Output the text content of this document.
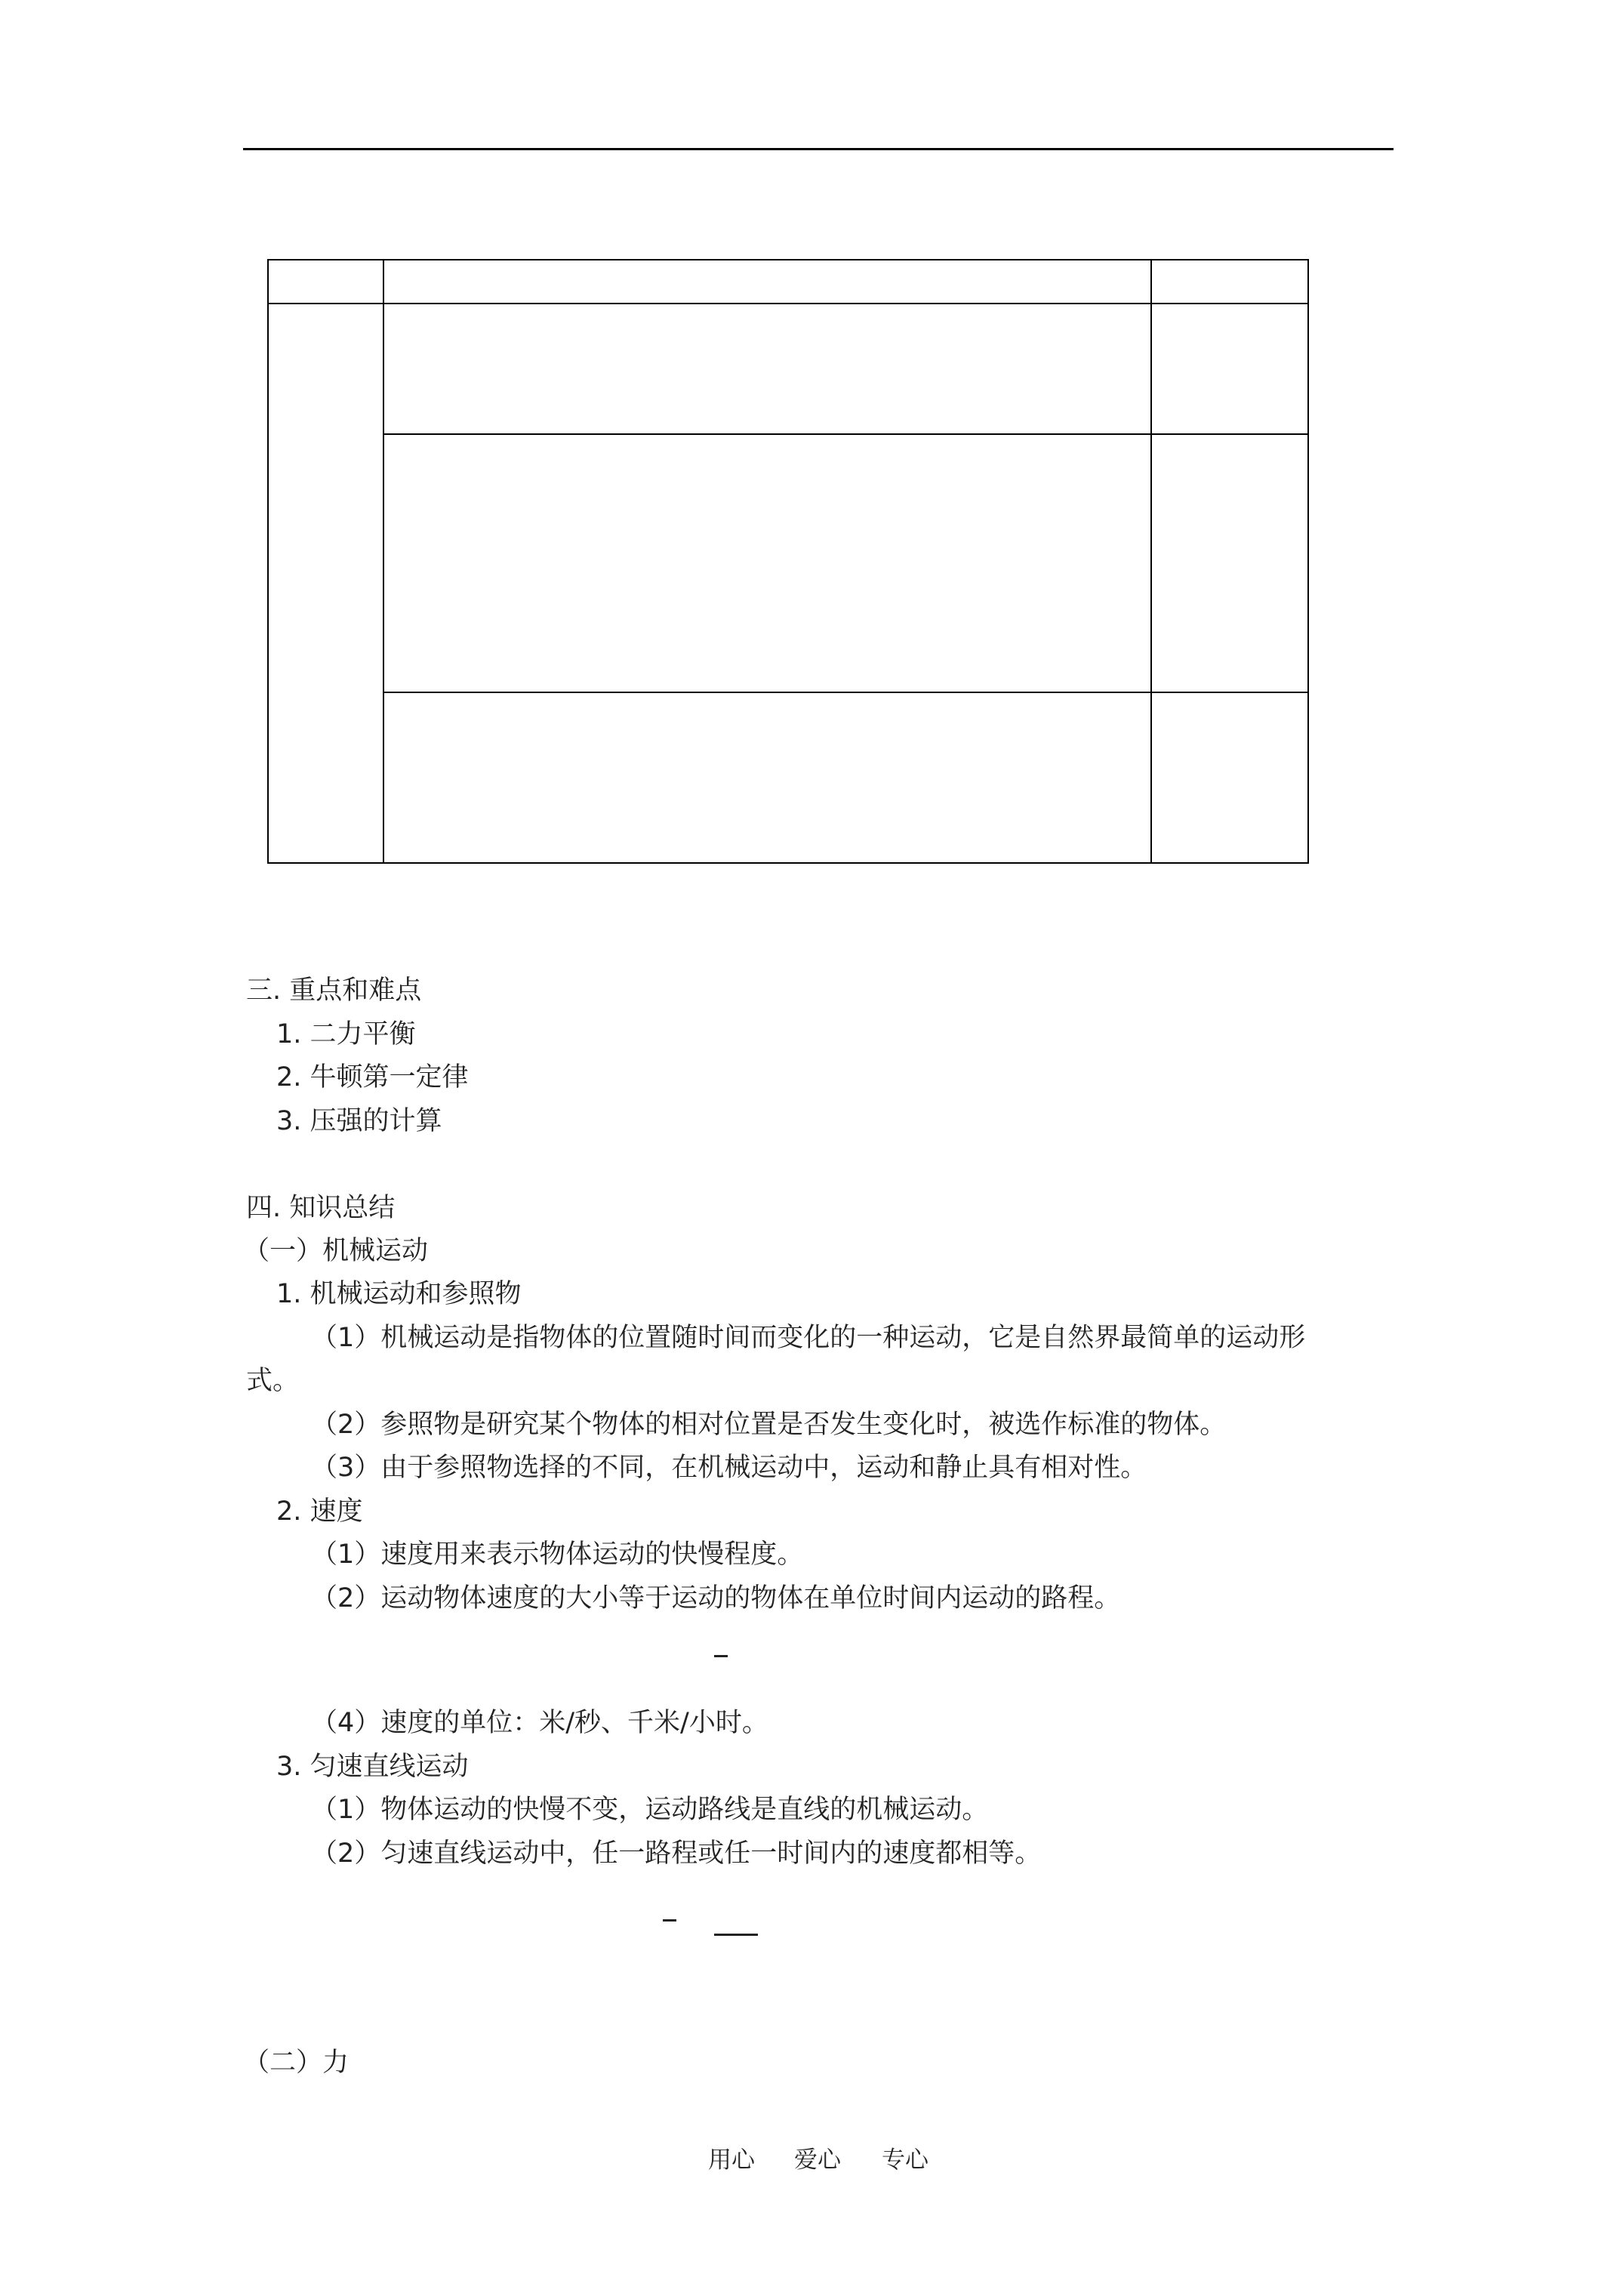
三. 重点和难点
1. 二力平衡
2. 牛顿第一定律
3. 压强的计算
四. 知识总结
（一）机械运动
1. 机械运动和参照物
（1）机械运动是指物体的位置随时间而变化的一种运动，它是自然界最简单的运动形
式。
（2）参照物是研究某个物体的相对位置是否发生变化时，被选作标准的物体。
（3）由于参照物选择的不同，在机械运动中，运动和静止具有相对性。
2. 速度
（1）速度用来表示物体运动的快慢程度。
（2）运动物体速度的大小等于运动的物体在单位时间内运动的路程。
（4）速度的单位：米/秒、千米/小时。
3. 匀速直线运动
（1）物体运动的快慢不变，运动路线是直线的机械运动。
（2）匀速直线运动中，任一路程或任一时间内的速度都相等。
（二）力
用心 爱心 专心
